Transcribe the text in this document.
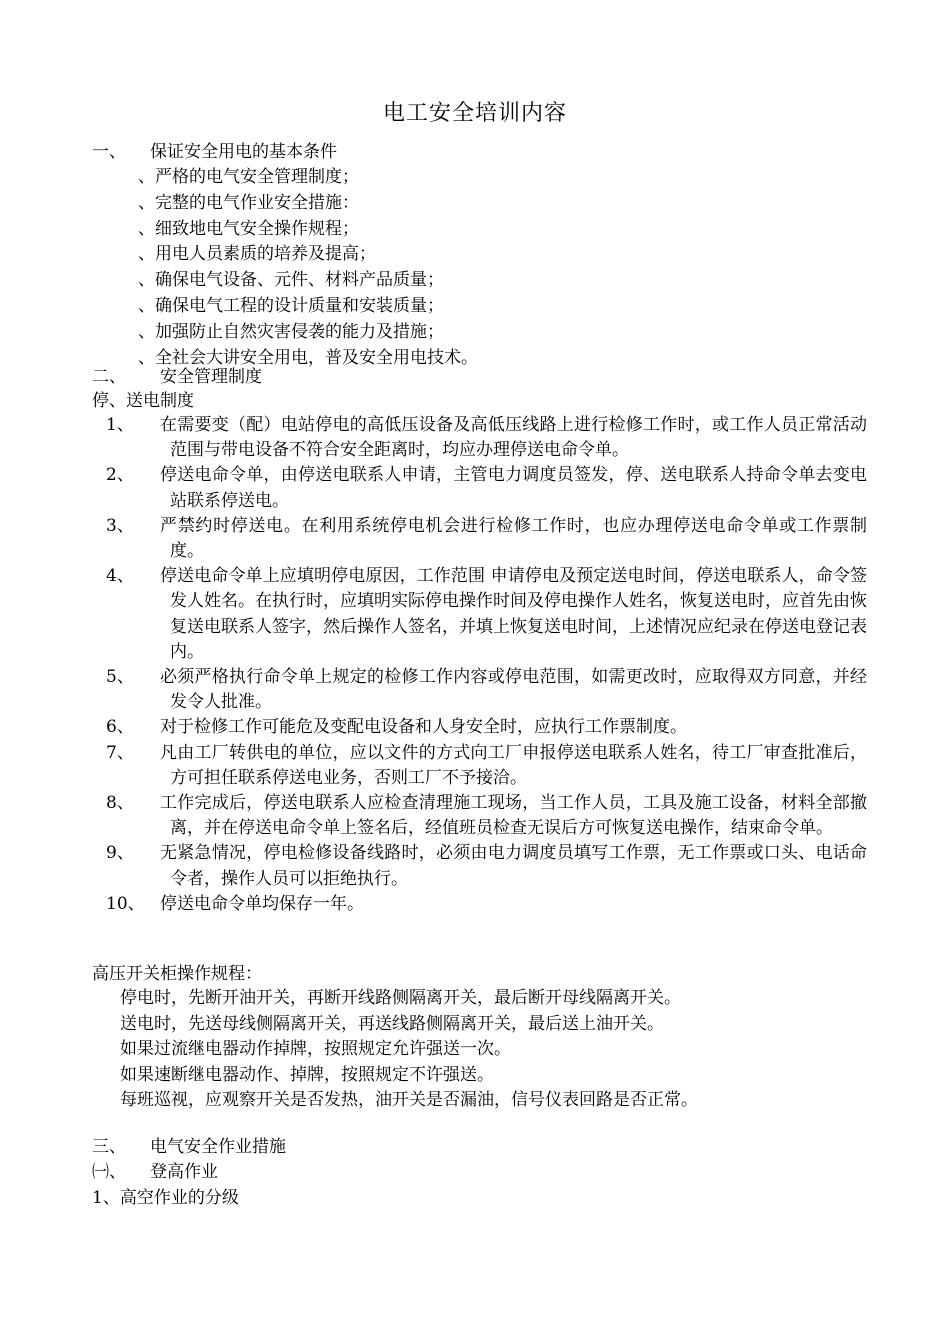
电工安全培训内容
一、 保证安全用电的基本条件
、严格的电气安全管理制度；
、完整的电气作业安全措施：
、细致地电气安全操作规程；
、用电人员素质的培养及提高；
、确保电气设备、元件、材料产品质量；
、确保电气工程的设计质量和安装质量；
、加强防止自然灾害侵袭的能力及措施；
、全社会大讲安全用电，普及安全用电技术。
二、 安全管理制度
停、送电制度
1、 在需要变（配）电站停电的高低压设备及高低压线路上进行检修工作时，或工作人员正常活动范围与带电设备不符合安全距离时，均应办理停送电命令单。
2、 停送电命令单，由停送电联系人申请，主管电力调度员签发，停、送电联系人持命令单去变电站联系停送电。
3、 严禁约时停送电。在利用系统停电机会进行检修工作时，也应办理停送电命令单或工作票制度。
4、 停送电命令单上应填明停电原因，工作范围 申请停电及预定送电时间，停送电联系人，命令签发人姓名。在执行时，应填明实际停电操作时间及停电操作人姓名，恢复送电时，应首先由恢复送电联系人签字，然后操作人签名，并填上恢复送电时间，上述情况应纪录在停送电登记表内。
5、 必须严格执行命令单上规定的检修工作内容或停电范围，如需更改时，应取得双方同意，并经发令人批准。
6、 对于检修工作可能危及变配电设备和人身安全时，应执行工作票制度。
7、 凡由工厂转供电的单位，应以文件的方式向工厂申报停送电联系人姓名，待工厂审查批准后，方可担任联系停送电业务，否则工厂不予接洽。
8、 工作完成后，停送电联系人应检查清理施工现场，当工作人员，工具及施工设备，材料全部撤离，并在停送电命令单上签名后，经值班员检查无误后方可恢复送电操作，结束命令单。
9、 无紧急情况，停电检修设备线路时，必须由电力调度员填写工作票，无工作票或口头、电话命令者，操作人员可以拒绝执行。
10、 停送电命令单均保存一年。
高压开关柜操作规程：
停电时，先断开油开关，再断开线路侧隔离开关，最后断开母线隔离开关。
送电时，先送母线侧隔离开关，再送线路侧隔离开关，最后送上油开关。
如果过流继电器动作掉牌，按照规定允许强送一次。
如果速断继电器动作、掉牌，按照规定不许强送。
每班巡视，应观察开关是否发热，油开关是否漏油，信号仪表回路是否正常。
三、 电气安全作业措施
㈠、 登高作业
1、高空作业的分级
